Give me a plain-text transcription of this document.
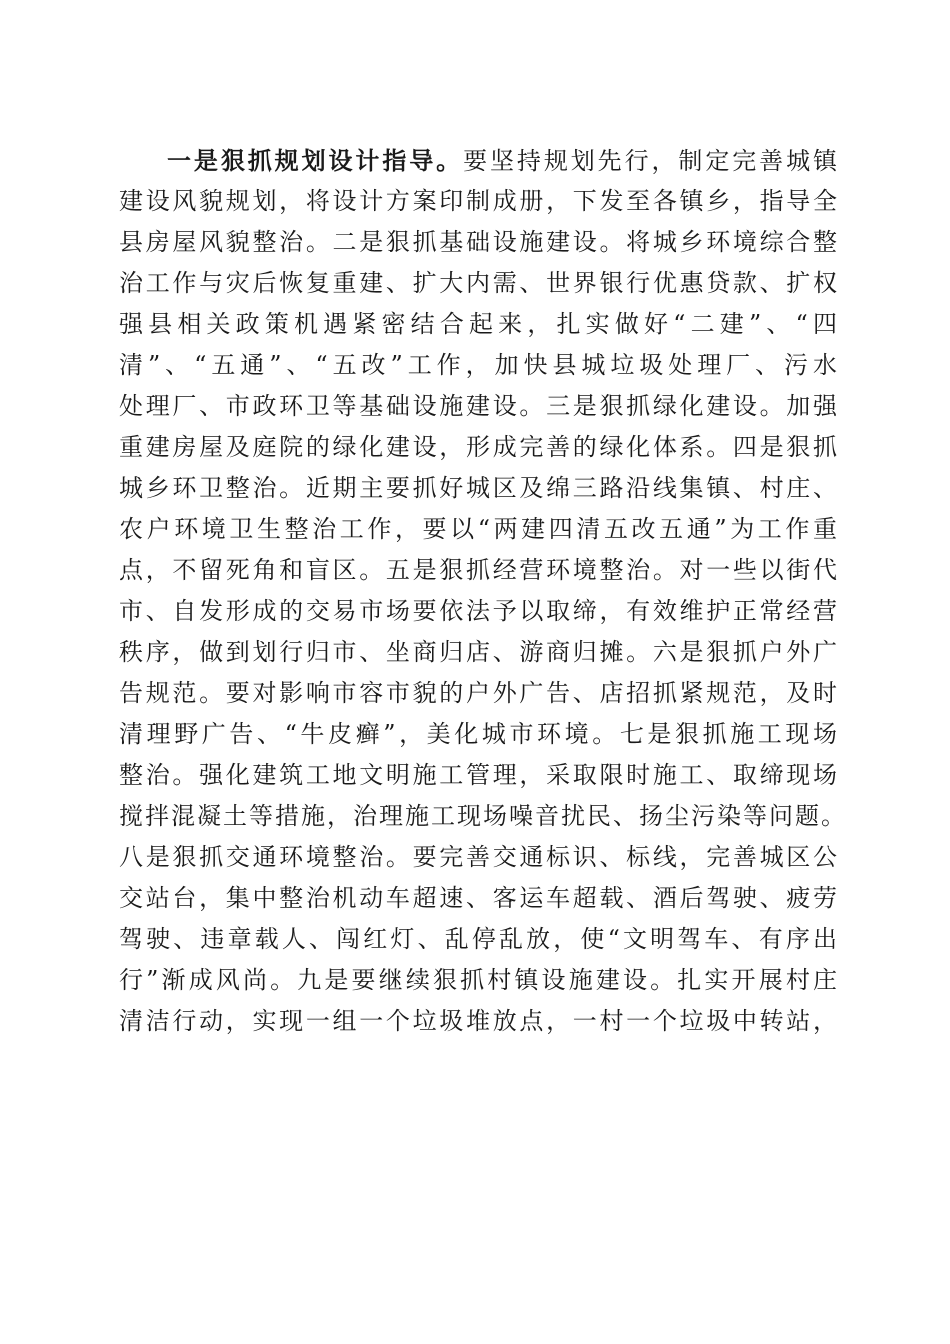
一是狠抓规划设计指导。要坚持规划先行，制定完善城镇
建设风貌规划，将设计方案印制成册，下发至各镇乡，指导全
县房屋风貌整治。二是狠抓基础设施建设。将城乡环境综合整
治工作与灾后恢复重建、扩大内需、世界银行优惠贷款、扩权
强县相关政策机遇紧密结合起来，扎实做好“二建”、“四
清”、“五通”、“五改”工作，加快县城垃圾处理厂、污水
处理厂、市政环卫等基础设施建设。三是狠抓绿化建设。加强
重建房屋及庭院的绿化建设，形成完善的绿化体系。四是狠抓
城乡环卫整治。近期主要抓好城区及绵三路沿线集镇、村庄、
农户环境卫生整治工作，要以“两建四清五改五通”为工作重
点，不留死角和盲区。五是狠抓经营环境整治。对一些以街代
市、自发形成的交易市场要依法予以取缔，有效维护正常经营
秩序，做到划行归市、坐商归店、游商归摊。六是狠抓户外广
告规范。要对影响市容市貌的户外广告、店招抓紧规范，及时
清理野广告、“牛皮癣”，美化城市环境。七是狠抓施工现场
整治。强化建筑工地文明施工管理，采取限时施工、取缔现场
搅拌混凝土等措施，治理施工现场噪音扰民、扬尘污染等问题。
八是狠抓交通环境整治。要完善交通标识、标线，完善城区公
交站台，集中整治机动车超速、客运车超载、酒后驾驶、疲劳
驾驶、违章载人、闯红灯、乱停乱放，使“文明驾车、有序出
行”渐成风尚。九是要继续狠抓村镇设施建设。扎实开展村庄
清洁行动，实现一组一个垃圾堆放点，一村一个垃圾中转站，
